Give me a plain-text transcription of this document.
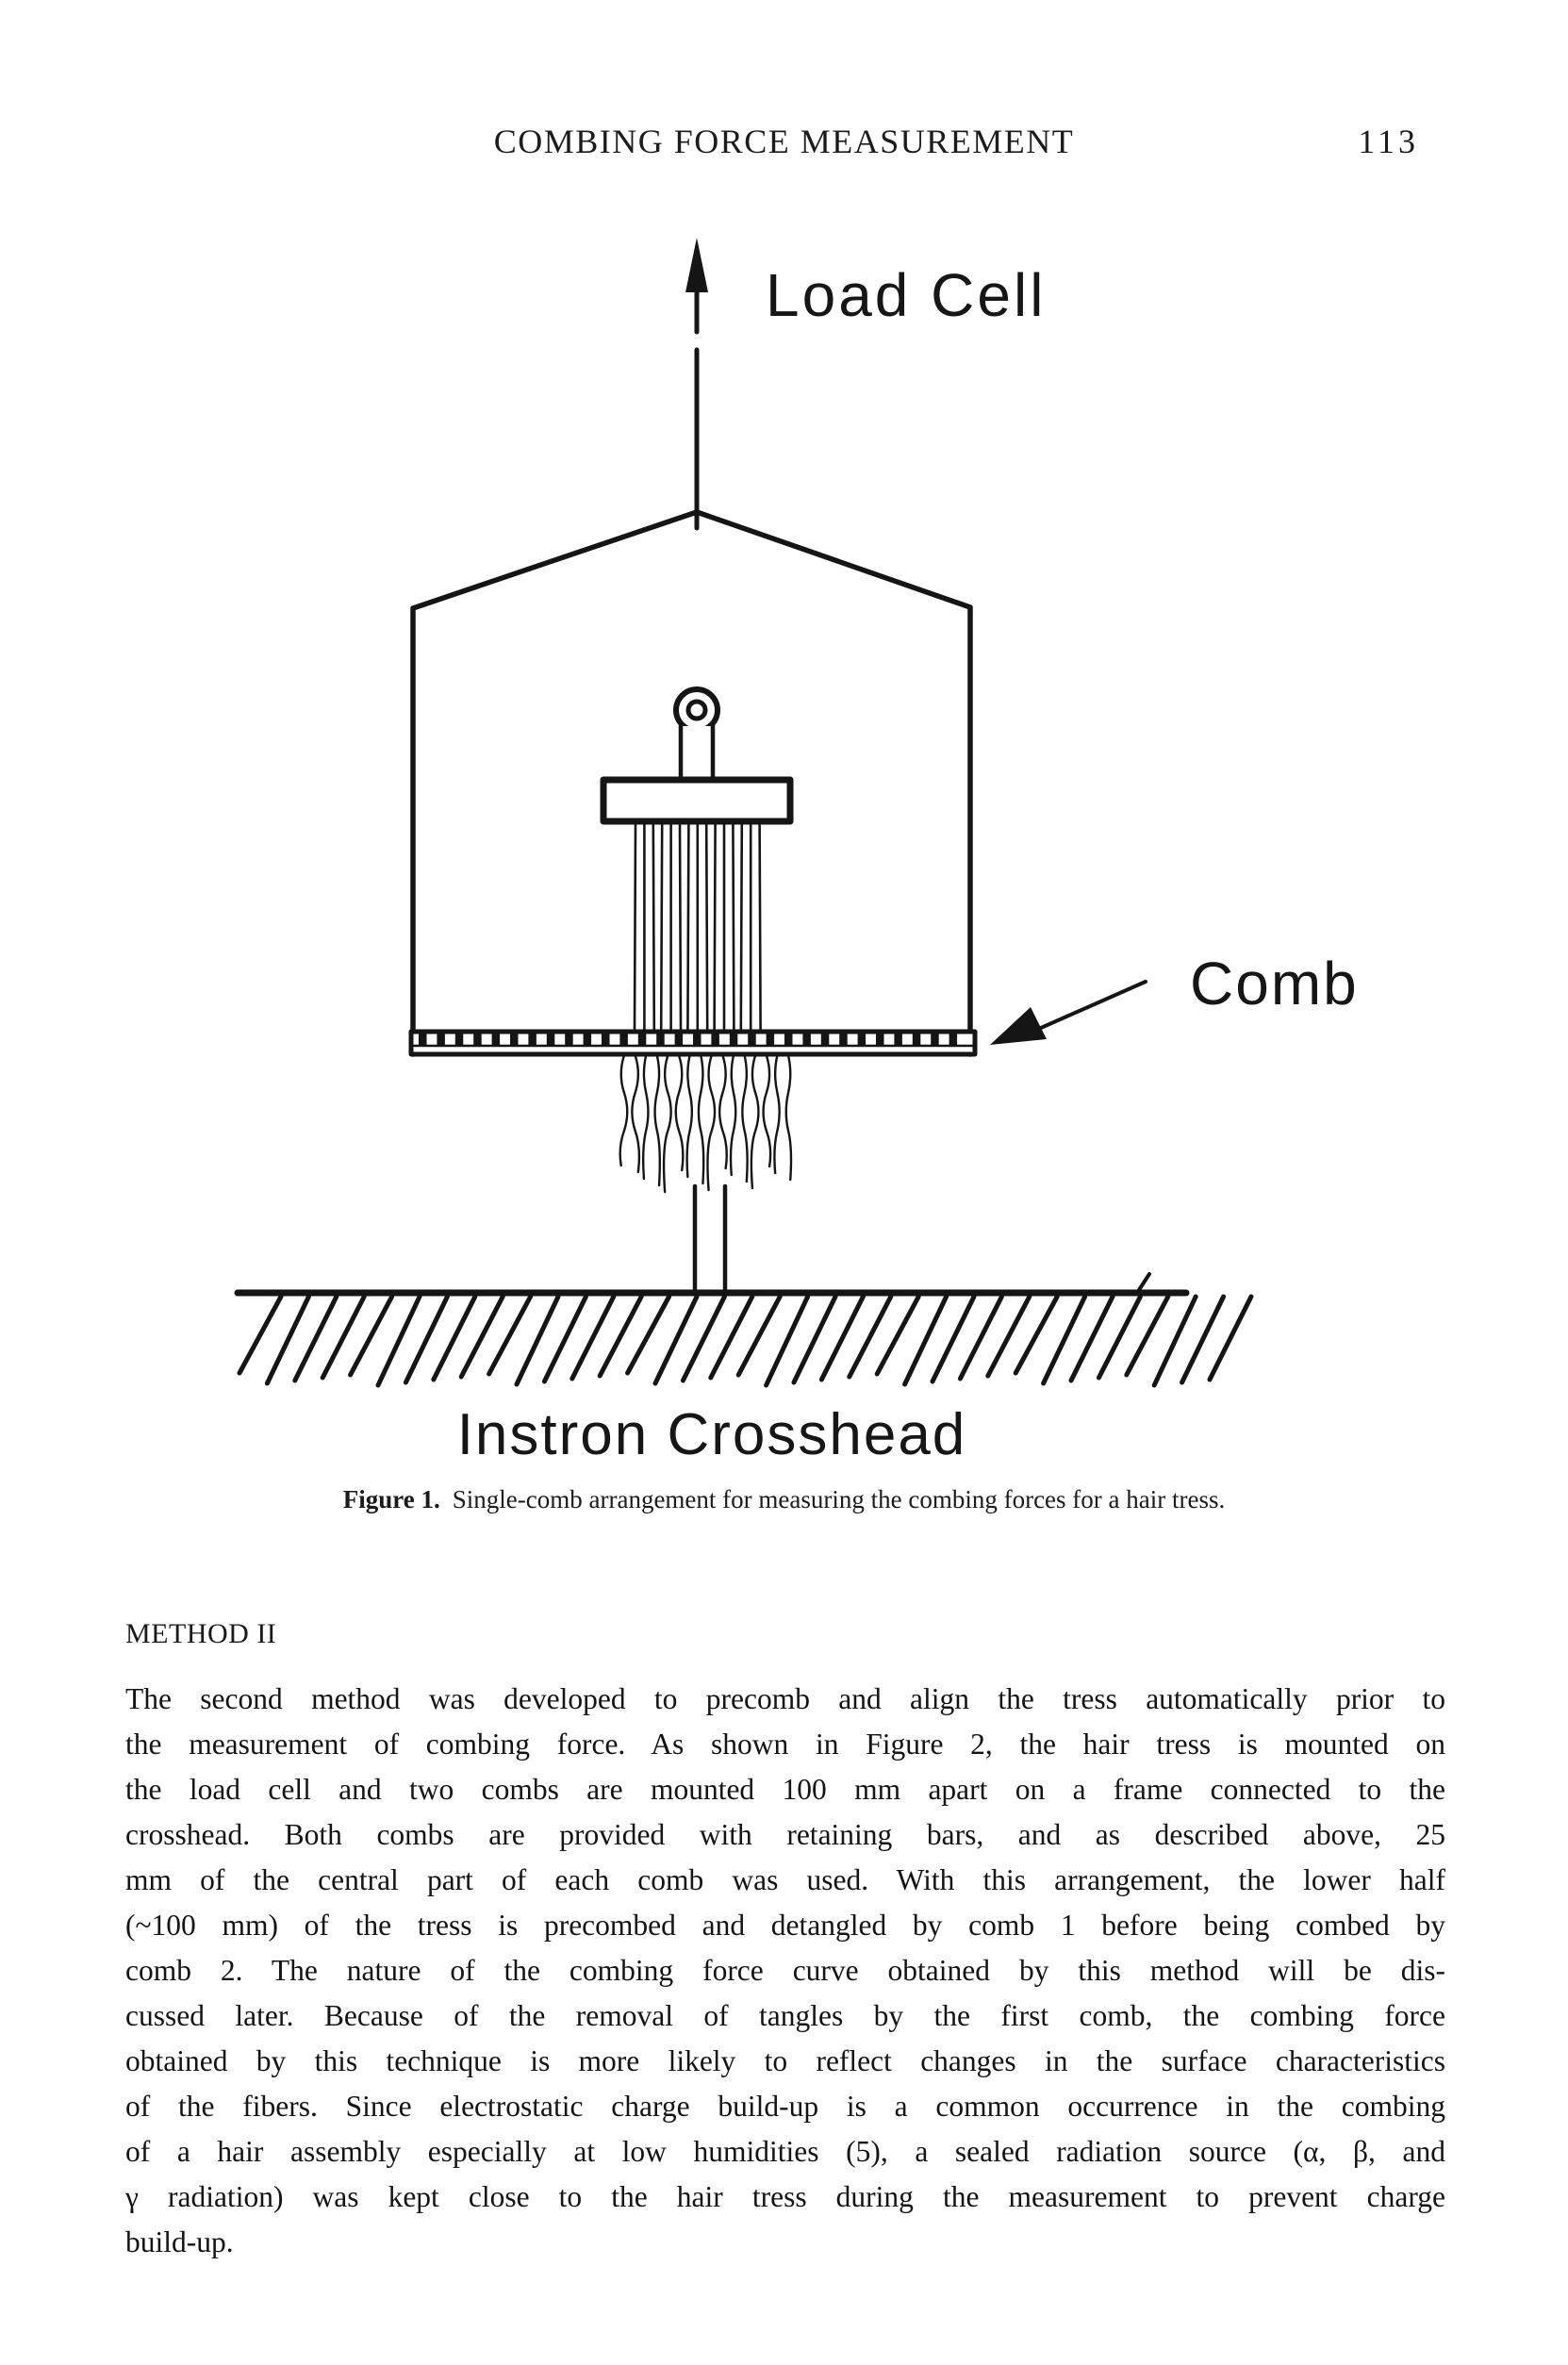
COMBING FORCE MEASUREMENT	113
Load Cell
Comb
Instron Crosshead
Figure 1. Single-comb arrangement for measuring the combing forces for a hair tress.
METHOD II
The second method was developed to precomb and align the tress automatically prior to
the measurement of combing force. As shown in Figure 2, the hair tress is mounted on
the load cell and two combs are mounted 100 mm apart on a frame connected to the
crosshead. Both combs are provided with retaining bars, and as described above, 25
mm of the central part of each comb was used. With this arrangement, the lower half
(~100 mm) of the tress is precombed and detangled by comb 1 before being combed by
comb 2. The nature of the combing force curve obtained by this method will be dis-
cussed later. Because of the removal of tangles by the first comb, the combing force
obtained by this technique is more likely to reflect changes in the surface characteristics
of the fibers. Since electrostatic charge build-up is a common occurrence in the combing
of a hair assembly especially at low humidities (5), a sealed radiation source (α, β, and
γ radiation) was kept close to the hair tress during the measurement to prevent charge
build-up.
